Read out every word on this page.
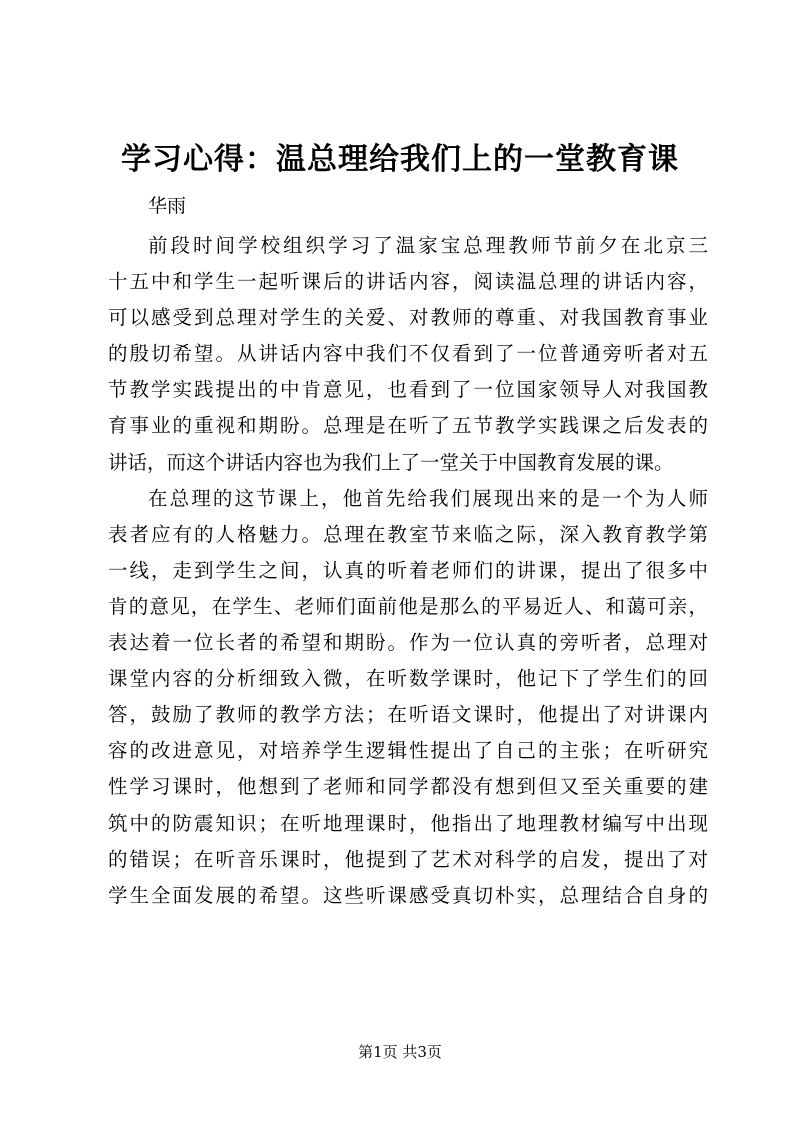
学习心得：温总理给我们上的一堂教育课
华雨
前段时间学校组织学习了温家宝总理教师节前夕在北京三
十五中和学生一起听课后的讲话内容，阅读温总理的讲话内容，
可以感受到总理对学生的关爱、对教师的尊重、对我国教育事业
的殷切希望。从讲话内容中我们不仅看到了一位普通旁听者对五
节教学实践提出的中肯意见，也看到了一位国家领导人对我国教
育事业的重视和期盼。总理是在听了五节教学实践课之后发表的
讲话，而这个讲话内容也为我们上了一堂关于中国教育发展的课。
在总理的这节课上，他首先给我们展现出来的是一个为人师
表者应有的人格魅力。总理在教室节来临之际，深入教育教学第
一线，走到学生之间，认真的听着老师们的讲课，提出了很多中
肯的意见，在学生、老师们面前他是那么的平易近人、和蔼可亲，
表达着一位长者的希望和期盼。作为一位认真的旁听者，总理对
课堂内容的分析细致入微，在听数学课时，他记下了学生们的回
答，鼓励了教师的教学方法；在听语文课时，他提出了对讲课内
容的改进意见，对培养学生逻辑性提出了自己的主张；在听研究
性学习课时，他想到了老师和同学都没有想到但又至关重要的建
筑中的防震知识；在听地理课时，他指出了地理教材编写中出现
的错误；在听音乐课时，他提到了艺术对科学的启发，提出了对
学生全面发展的希望。这些听课感受真切朴实，总理结合自身的
第1页 共3页
